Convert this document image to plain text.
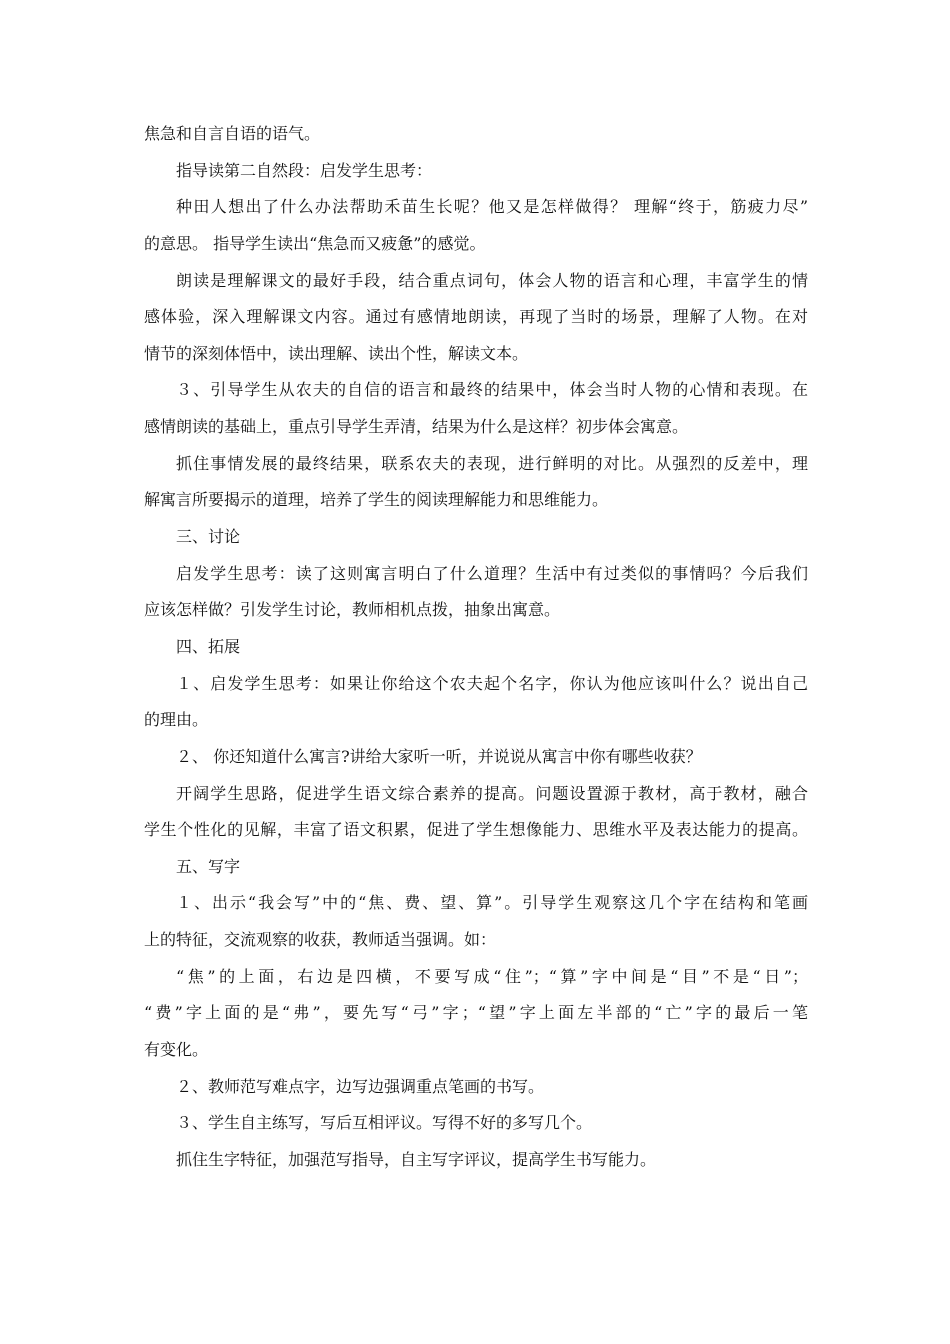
焦急和自言自语的语气。
指导读第二自然段：启发学生思考：
种田人想出了什么办法帮助禾苗生长呢？他又是怎样做得？ 理解“终于，筋疲力尽”
的意思。 指导学生读出“焦急而又疲惫”的感觉。
朗读是理解课文的最好手段，结合重点词句，体会人物的语言和心理，丰富学生的情
感体验，深入理解课文内容。通过有感情地朗读，再现了当时的场景，理解了人物。在对
情节的深刻体悟中，读出理解、读出个性，解读文本。
３、引导学生从农夫的自信的语言和最终的结果中，体会当时人物的心情和表现。在
感情朗读的基础上，重点引导学生弄清，结果为什么是这样？初步体会寓意。
抓住事情发展的最终结果，联系农夫的表现，进行鲜明的对比。从强烈的反差中，理
解寓言所要揭示的道理，培养了学生的阅读理解能力和思维能力。
三、讨论
启发学生思考：读了这则寓言明白了什么道理？生活中有过类似的事情吗？今后我们
应该怎样做？引发学生讨论，教师相机点拨，抽象出寓意。
四、拓展
１、启发学生思考：如果让你给这个农夫起个名字，你认为他应该叫什么？说出自己
的理由。
２、 你还知道什么寓言?讲给大家听一听，并说说从寓言中你有哪些收获？
开阔学生思路，促进学生语文综合素养的提高。问题设置源于教材，高于教材，融合
学生个性化的见解，丰富了语文积累，促进了学生想像能力、思维水平及表达能力的提高。
五、写字
１、出示“我会写”中的“焦、费、望、算”。引导学生观察这几个字在结构和笔画
上的特征，交流观察的收获，教师适当强调。如：
“焦”的上面，右边是四横，不要写成“住”；“算”字中间是“目”不是“日”；
“费”字上面的是“弗”，要先写“弓”字；“望”字上面左半部的“亡”字的最后一笔
有变化。
２、教师范写难点字，边写边强调重点笔画的书写。
３、学生自主练写，写后互相评议。写得不好的多写几个。
抓住生字特征，加强范写指导，自主写字评议，提高学生书写能力。
